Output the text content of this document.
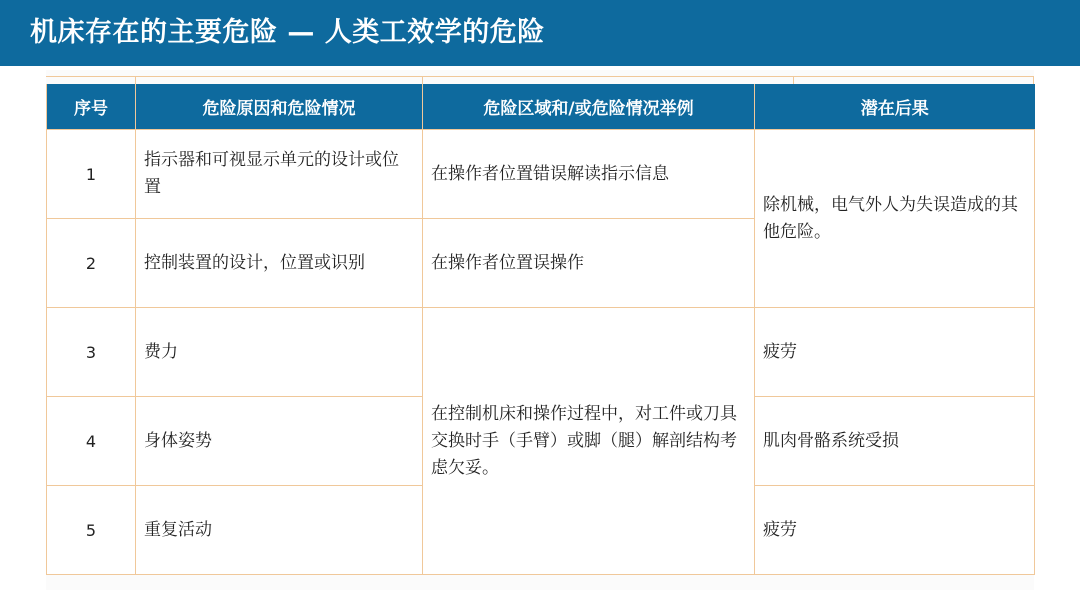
机床存在的主要危险 — 人类工效学的危险
序号	危险原因和危险情况	危险区域和/或危险情况举例	潜在后果
1	指示器和可视显示单元的设计或位置	在操作者位置错误解读指示信息	除机械，电气外人为失误造成的其他危险。
2	控制装置的设计，位置或识别	在操作者位置误操作	
3	费力	在控制机床和操作过程中，对工件或刀具交换时手（手臂）或脚（腿）解剖结构考虑欠妥。	疲劳
4	身体姿势		肌肉骨骼系统受损
5	重复活动		疲劳
